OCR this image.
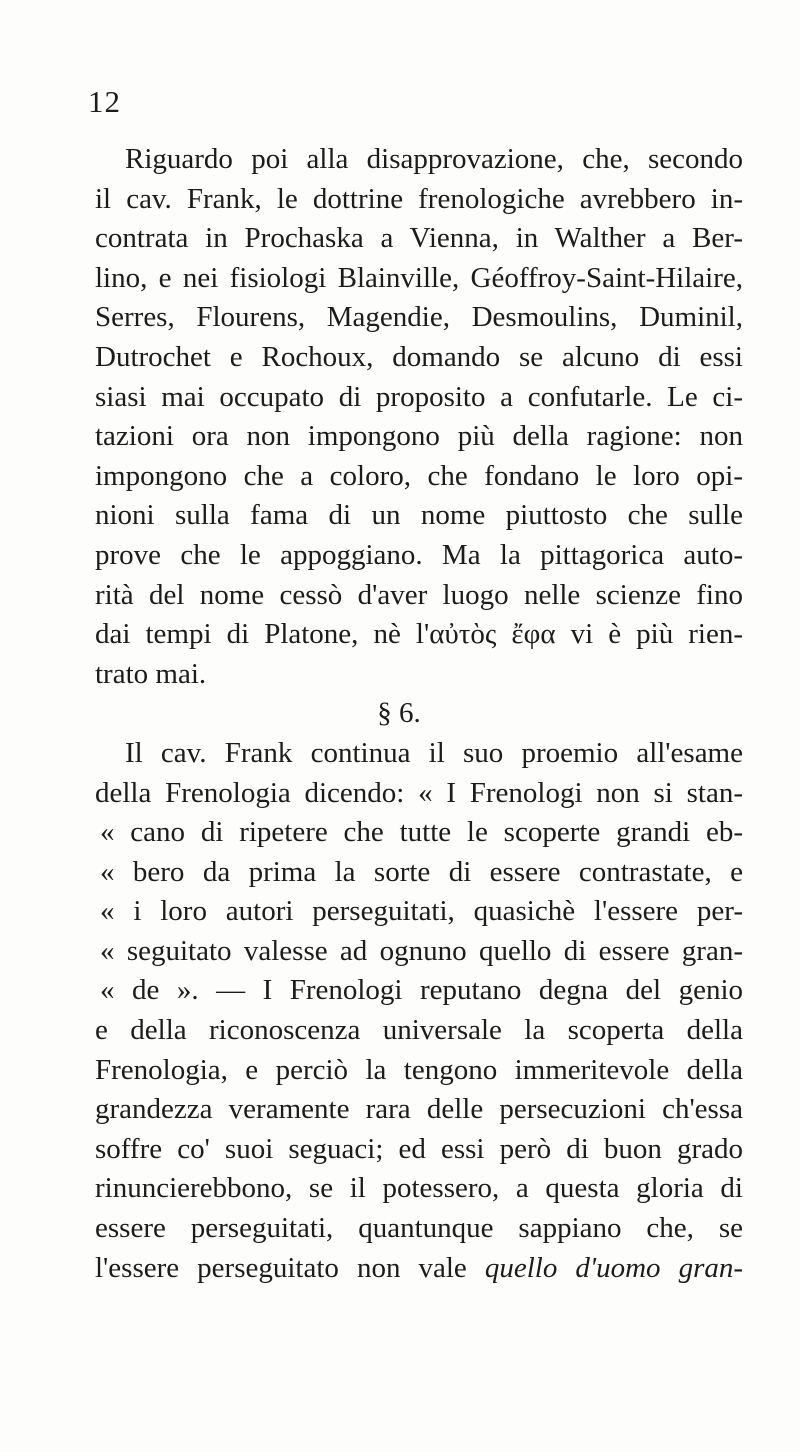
12
Riguardo poi alla disapprovazione, che, secondo
il cav. Frank, le dottrine frenologiche avrebbero in-
contrata in Prochaska a Vienna, in Walther a Ber-
lino, e nei fisiologi Blainville, Géoffroy-Saint-Hilaire,
Serres, Flourens, Magendie, Desmoulins, Duminil,
Dutrochet e Rochoux, domando se alcuno di essi
siasi mai occupato di proposito a confutarle. Le ci-
tazioni ora non impongono più della ragione: non
impongono che a coloro, che fondano le loro opi-
nioni sulla fama di un nome piuttosto che sulle
prove che le appoggiano. Ma la pittagorica auto-
rità del nome cessò d'aver luogo nelle scienze fino
dai tempi di Platone, nè l'αὐτὸς ἔφα vi è più rien-
trato mai.
§ 6.
Il cav. Frank continua il suo proemio all'esame
della Frenologia dicendo: « I Frenologi non si stan-
« cano di ripetere che tutte le scoperte grandi eb-
« bero da prima la sorte di essere contrastate, e
« i loro autori perseguitati, quasichè l'essere per-
« seguitato valesse ad ognuno quello di essere gran-
« de ». — I Frenologi reputano degna del genio
e della riconoscenza universale la scoperta della
Frenologia, e perciò la tengono immeritevole della
grandezza veramente rara delle persecuzioni ch'essa
soffre co' suoi seguaci; ed essi però di buon grado
rinuncierebbono, se il potessero, a questa gloria di
essere perseguitati, quantunque sappiano che, se
l'essere perseguitato non vale quello d'uomo gran-
